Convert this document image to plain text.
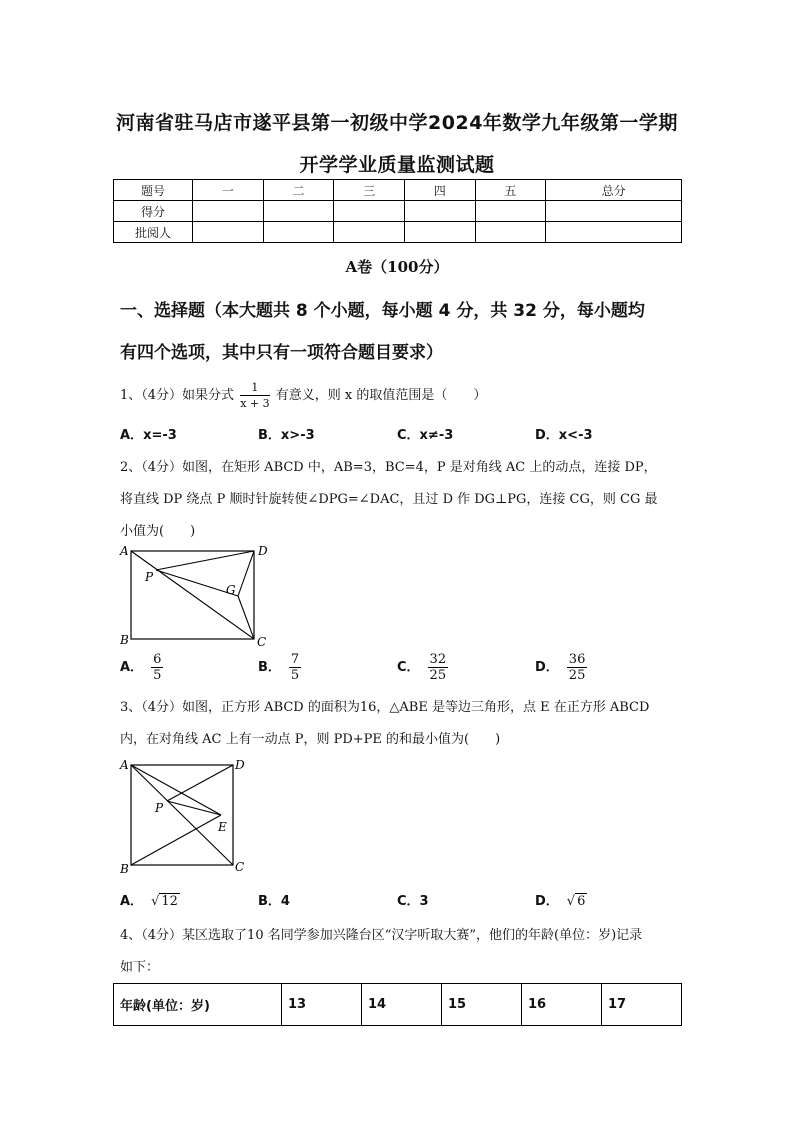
河南省驻马店市遂平县第一初级中学2024年数学九年级第一学期
开学学业质量监测试题
题号	一	二	三	四	五	总分
得分						
批阅人						
A卷（100分）
一、选择题（本大题共 8 个小题，每小题 4 分，共 32 分，每小题均
有四个选项，其中只有一项符合题目要求）
1、（4分）如果分式 $\frac{1}{x + 3}$ 有意义，则 x 的取值范围是（　　）
A．x=-3	B．x>-3	C．x≠-3	D．x<-3
2、（4分）如图，在矩形 ABCD 中，AB=3，BC=4，P 是对角线 AC 上的动点，连接 DP，
将直线 DP 绕点 P 顺时针旋转使∠DPG=∠DAC，且过 D 作 DG⊥PG，连接 CG，则 CG 最
小值为(　　)
A	D
B	C
P
G
A． $\frac{6}{5}$	B． $\frac{7}{5}$	C． $\frac{32}{25}$	D． $\frac{36}{25}$
3、（4分）如图，正方形 ABCD 的面积为16，△ABE 是等边三角形，点 E 在正方形 ABCD
内，在对角线 AC 上有一动点 P，则 PD+PE 的和最小值为(　　)
A	D
B	C
P
E
A． √ 12	B．4	C．3	D． √ 6
4、（4分）某区选取了10 名同学参加兴隆台区“汉字听取大赛”，他们的年龄(单位：岁)记录
如下：
年龄(单位：岁)	13	14	15	16	17
